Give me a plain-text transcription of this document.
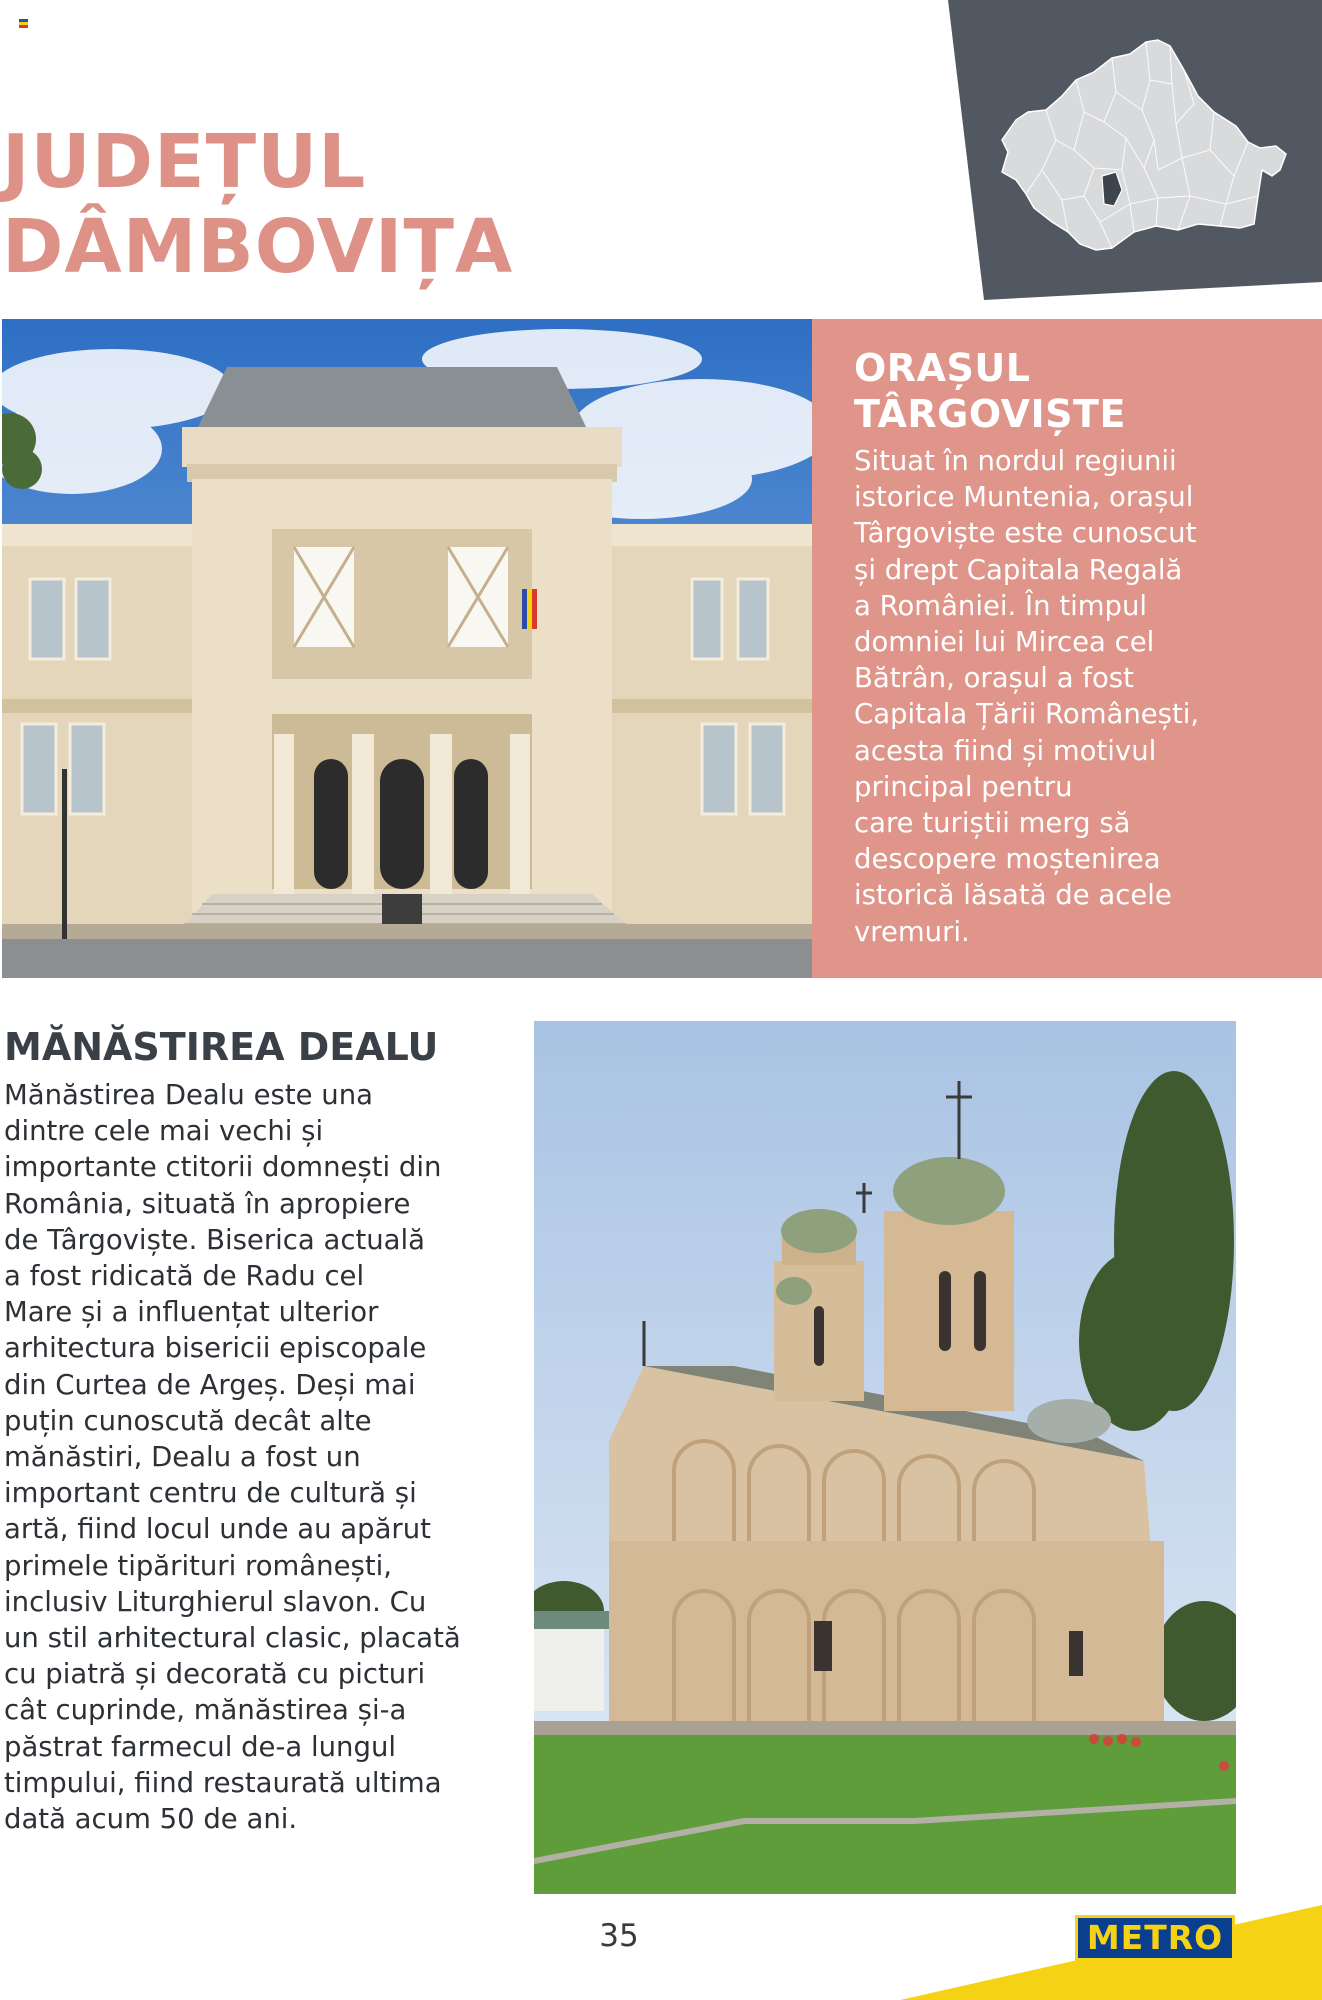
JUDEȚUL
DÂMBOVIȚA
ORAȘUL
TÂRGOVIȘTE

Situat în nordul regiunii
istorice Muntenia, orașul
Târgoviște este cunoscut
și drept Capitala Regală
a României. În timpul
domniei lui Mircea cel
Bătrân, orașul a fost
Capitala Țării Românești,
acesta fiind și motivul
principal pentru
care turiștii merg să
descopere moștenirea
istorică lăsată de acele
vremuri.

MĂNĂSTIREA DEALU

Mănăstirea Dealu este una
dintre cele mai vechi și
importante ctitorii domnești din
România, situată în apropiere
de Târgoviște. Biserica actuală
a fost ridicată de Radu cel
Mare și a influențat ulterior
arhitectura bisericii episcopale
din Curtea de Argeș. Deși mai
puțin cunoscută decât alte
mănăstiri, Dealu a fost un
important centru de cultură și
artă, fiind locul unde au apărut
primele tipărituri românești,
inclusiv Liturghierul slavon. Cu
un stil arhitectural clasic, placată
cu piatră și decorată cu picturi
cât cuprinde, mănăstirea și-a
păstrat farmecul de-a lungul
timpului, fiind restaurată ultima
dată acum 50 de ani.

35	METRO
